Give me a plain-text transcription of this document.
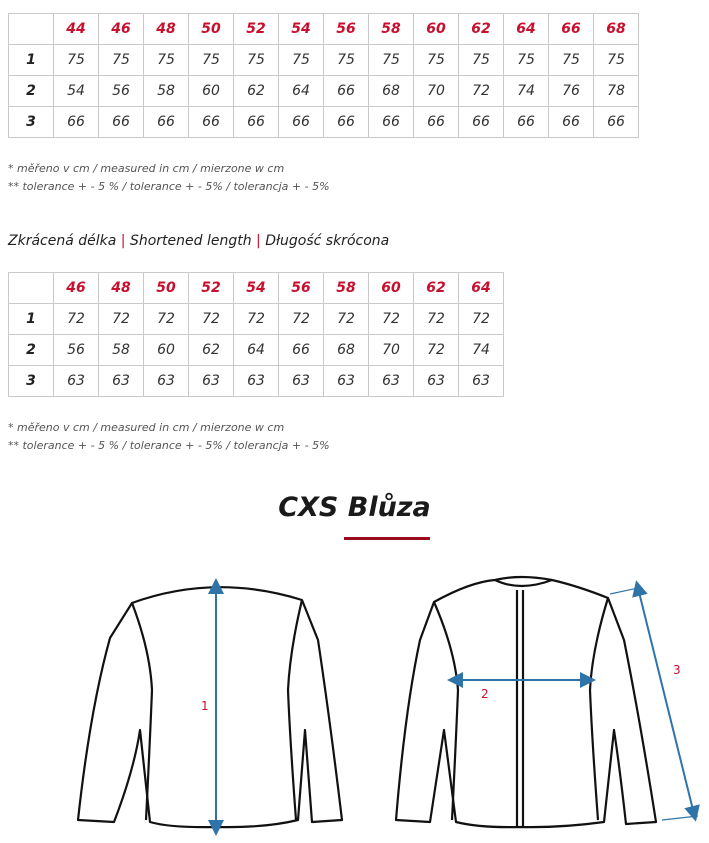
	44	46	48	50	52	54	56	58	60	62	64	66	68
1	75	75	75	75	75	75	75	75	75	75	75	75	75
2	54	56	58	60	62	64	66	68	70	72	74	76	78
3	66	66	66	66	66	66	66	66	66	66	66	66	66
* měřeno v cm / measured in cm / mierzone w cm
** tolerance + - 5 % / tolerance + - 5% / tolerancja + - 5%
Zkrácená délka | Shortened length | Długość skrócona
	46	48	50	52	54	56	58	60	62	64
1	72	72	72	72	72	72	72	72	72	72
2	56	58	60	62	64	66	68	70	72	74
3	63	63	63	63	63	63	63	63	63	63
* měřeno v cm / measured in cm / mierzone w cm
** tolerance + - 5 % / tolerance + - 5% / tolerancja + - 5%
CXS Blůza
1
2
3
